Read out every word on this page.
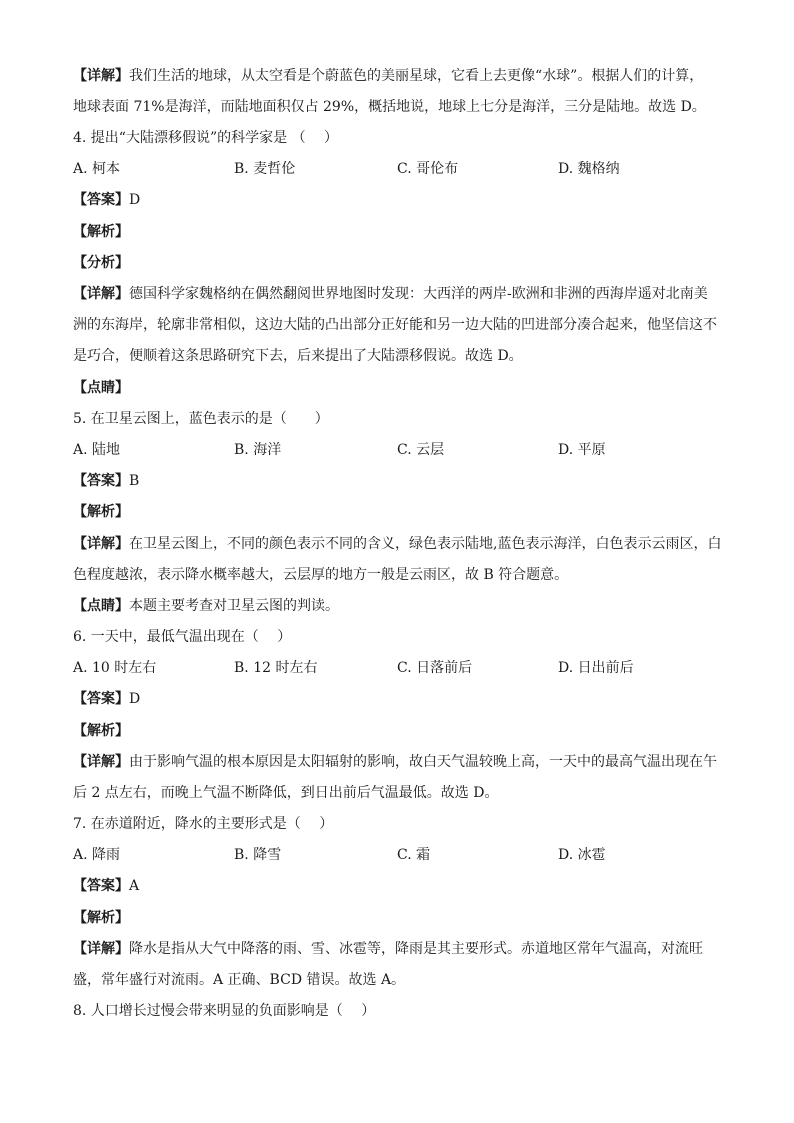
【详解】我们生活的地球，从太空看是个蔚蓝色的美丽星球，它看上去更像“水球”。根据人们的计算，
地球表面 71%是海洋，而陆地面积仅占 29%，概括地说，地球上七分是海洋，三分是陆地。故选 D。
4. 提出“大陆漂移假说”的科学家是 （　 ）
A. 柯本	B. 麦哲伦	C. 哥伦布	D. 魏格纳
【答案】D
【解析】
【分析】
【详解】德国科学家魏格纳在偶然翻阅世界地图时发现：大西洋的两岸-欧洲和非洲的西海岸遥对北南美
洲的东海岸，轮廓非常相似，这边大陆的凸出部分正好能和另一边大陆的凹进部分凑合起来，他坚信这不
是巧合，便顺着这条思路研究下去，后来提出了大陆漂移假说。故选 D。
【点睛】
5. 在卫星云图上，蓝色表示的是（　　）
A. 陆地	B. 海洋	C. 云层	D. 平原
【答案】B
【解析】
【详解】在卫星云图上，不同的颜色表示不同的含义，绿色表示陆地,蓝色表示海洋，白色表示云雨区，白
色程度越浓，表示降水概率越大，云层厚的地方一般是云雨区，故 B 符合题意。
【点睛】本题主要考查对卫星云图的判读。
6. 一天中，最低气温出现在（　 ）
A. 10 时左右	B. 12 时左右	C. 日落前后	D. 日出前后
【答案】D
【解析】
【详解】由于影响气温的根本原因是太阳辐射的影响，故白天气温较晚上高，一天中的最高气温出现在午
后 2 点左右，而晚上气温不断降低，到日出前后气温最低。故选 D。
7. 在赤道附近，降水的主要形式是（　 ）
A. 降雨	B. 降雪	C. 霜	D. 冰雹
【答案】A
【解析】
【详解】降水是指从大气中降落的雨、雪、冰雹等，降雨是其主要形式。赤道地区常年气温高，对流旺
盛，常年盛行对流雨。A 正确、BCD 错误。故选 A。
8. 人口增长过慢会带来明显的负面影响是（　 ）
